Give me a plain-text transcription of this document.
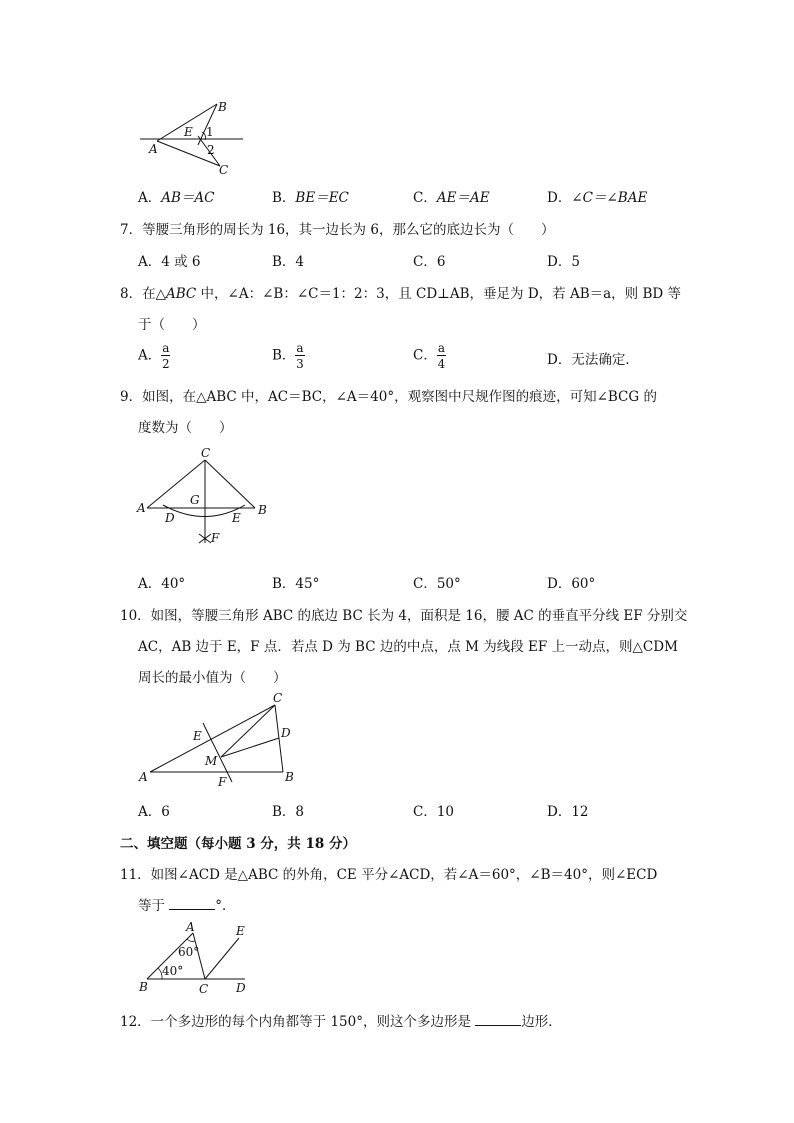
B
E 1
2
A
C
A．AB＝AC	B．BE＝EC	C．AE＝AE	D．∠C＝∠BAE
7．等腰三角形的周长为 16，其一边长为 6，那么它的底边长为（　　）
A．4 或 6	B．4	C．6	D．5
8．在△ABC 中，∠A：∠B：∠C＝1：2：3，且 CD⊥AB，垂足为 D，若 AB＝a，则 BD 等
于（　　）
A． $\frac{a}{2}$	B． $\frac{a}{3}$	C． $\frac{a}{4}$	D．无法确定．
9．如图，在△ABC 中，AC＝BC，∠A＝40°，观察图中尺规作图的痕迹，可知∠BCG 的
度数为（　　）
C
G
A	B
D	E
F
A．40°	B．45°	C．50°	D．60°
10．如图，等腰三角形 ABC 的底边 BC 长为 4，面积是 16，腰 AC 的垂直平分线 EF 分别交
AC，AB 边于 E，F 点．若点 D 为 BC 边的中点，点 M 为线段 EF 上一动点，则△CDM
周长的最小值为（　　）
C
D
E
M
A	F	B
A．6	B．8	C．10	D．12
二、填空题（每小题 3 分，共 18 分）
11．如图∠ACD 是△ABC 的外角，CE 平分∠ACD，若∠A＝60°，∠B＝40°，则∠ECD
等于	°．
A
60°
40°
E
B	C D
12．一个多边形的每个内角都等于 150°，则这个多边形是	边形．
